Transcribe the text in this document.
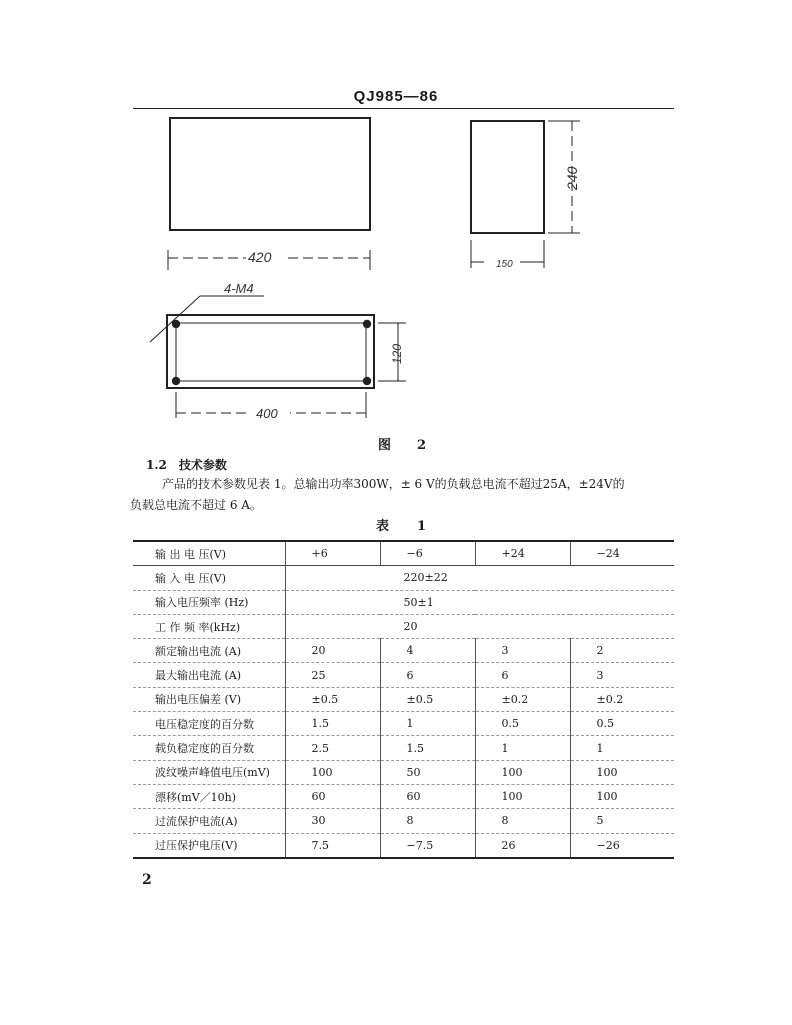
QJ985—86
420	150
240
4-M4
120
400
图 2
1.2 技术参数
产品的技术参数见表 1。总输出功率300W，± 6 V的负载总电流不超过25A，±24V的
负载总电流不超过 6 A。
表 1
输 出 电 压(V)	+6	−6	+24	−24
输 入 电 压(V)	220±22			
输入电压频率 (Hz)	50±1			
工 作 频 率(kHz)	20			
额定输出电流 (A)	20	4	3	2
最大输出电流 (A)	25	6	6	3
输出电压偏差 (V)	±0.5	±0.5	±0.2	±0.2
电压稳定度的百分数	1.5	1	0.5	0.5
载负稳定度的百分数	2.5	1.5	1	1
波纹噪声峰值电压(mV)	100	50	100	100
漂移(mV／10h)	60	60	100	100
过流保护电流(A)	30	8	8	5
过压保护电压(V)	7.5	−7.5	26	−26
2
